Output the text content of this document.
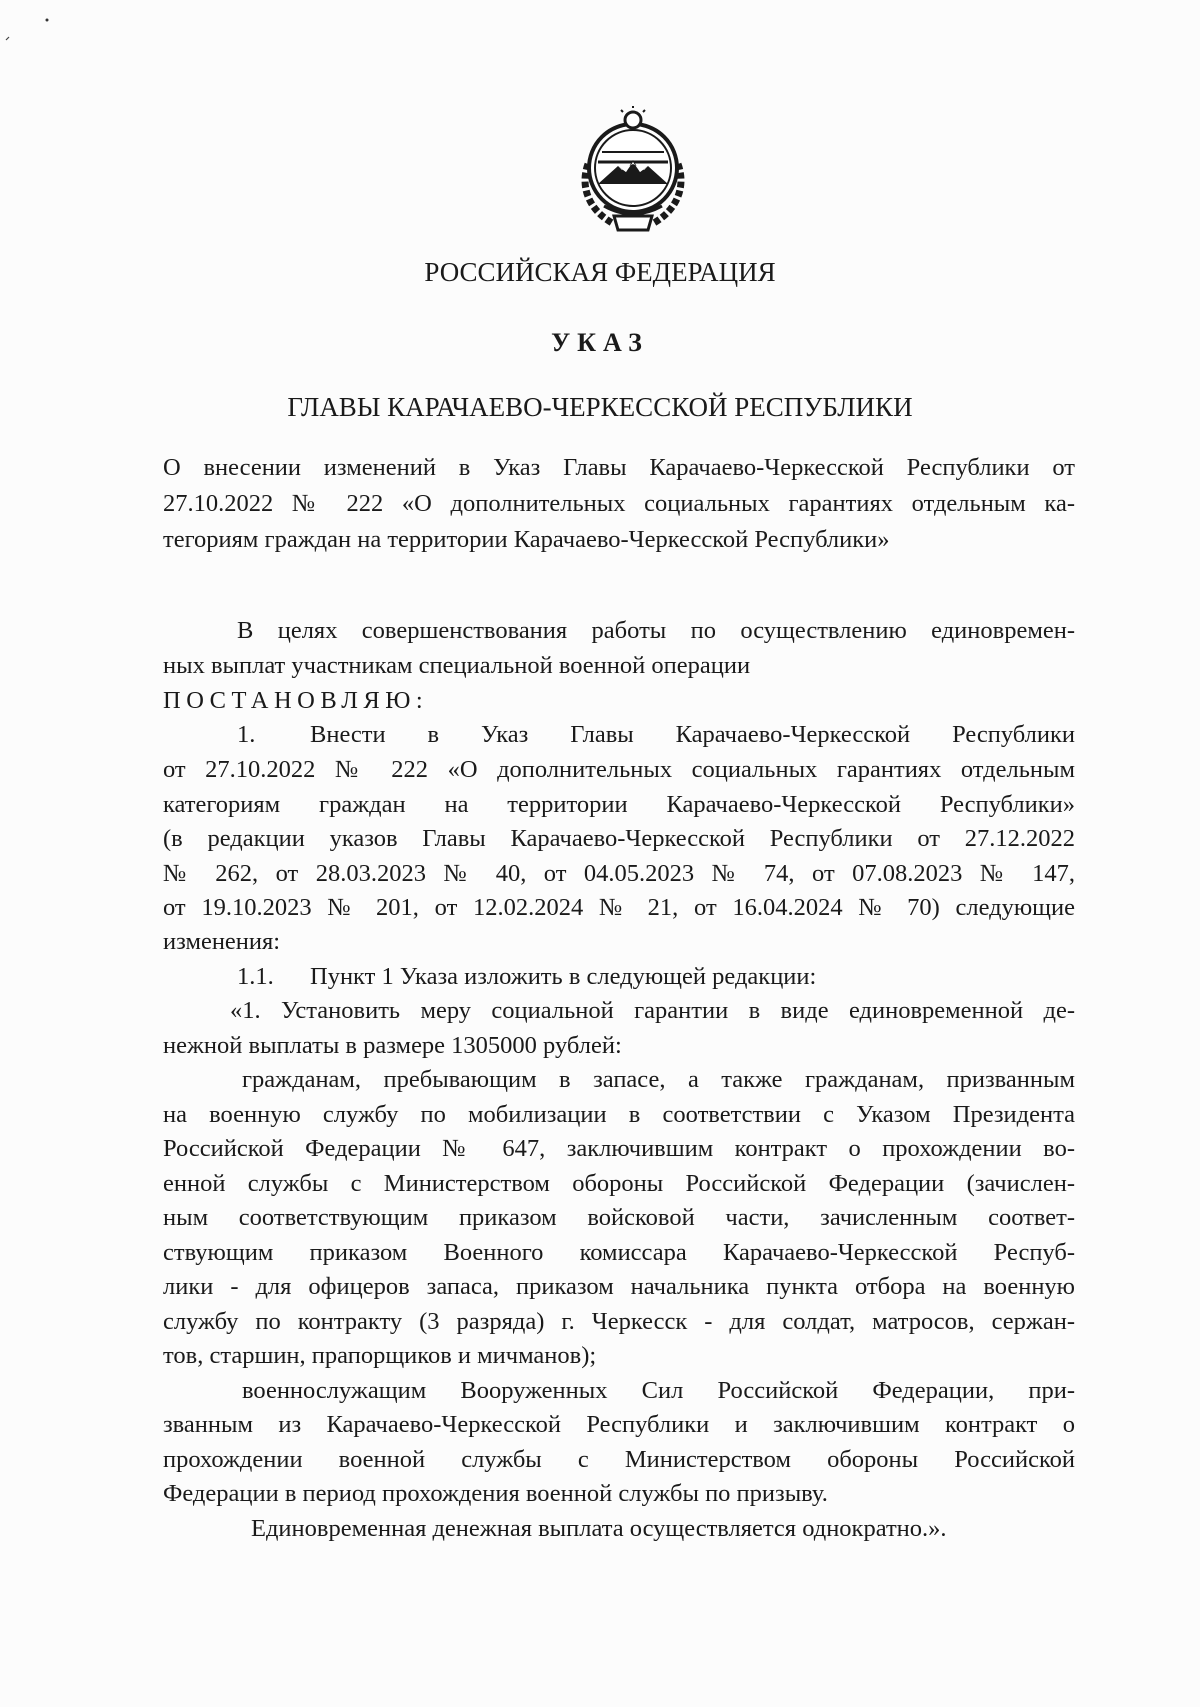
РОССИЙСКАЯ ФЕДЕРАЦИЯ
УКАЗ
ГЛАВЫ КАРАЧАЕВО-ЧЕРКЕССКОЙ РЕСПУБЛИКИ
О внесении изменений в Указ Главы Карачаево-Черкесской Республики от
27.10.2022 № 222 «О дополнительных социальных гарантиях отдельным ка-
тегориям граждан на территории Карачаево-Черкесской Республики»
В целях совершенствования работы по осуществлению единовремен-
ных выплат участникам специальной военной операции
ПОСТАНОВЛЯЮ:
1.	Внести в Указ Главы Карачаево-Черкесской Республики
от 27.10.2022 № 222 «О дополнительных социальных гарантиях отдельным
категориям граждан на территории Карачаево-Черкесской Республики»
(в редакции указов Главы Карачаево-Черкесской Республики от 27.12.2022
№ 262, от 28.03.2023 № 40, от 04.05.2023 № 74, от 07.08.2023 № 147,
от 19.10.2023 № 201, от 12.02.2024 № 21, от 16.04.2024 № 70) следующие
изменения:
1.1.	Пункт 1 Указа изложить в следующей редакции:
«1. Установить меру социальной гарантии в виде единовременной де-
нежной выплаты в размере 1305000 рублей:
гражданам, пребывающим в запасе, а также гражданам, призванным
на военную службу по мобилизации в соответствии с Указом Президента
Российской Федерации № 647, заключившим контракт о прохождении во-
енной службы с Министерством обороны Российской Федерации (зачислен-
ным соответствующим приказом войсковой части, зачисленным соответ-
ствующим приказом Военного комиссара Карачаево-Черкесской Респуб-
лики - для офицеров запаса, приказом начальника пункта отбора на военную
службу по контракту (3 разряда) г. Черкесск - для солдат, матросов, сержан-
тов, старшин, прапорщиков и мичманов);
военнослужащим Вооруженных Сил Российской Федерации, при-
званным из Карачаево-Черкесской Республики и заключившим контракт о
прохождении военной службы с Министерством обороны Российской
Федерации в период прохождения военной службы по призыву.
Единовременная денежная выплата осуществляется однократно.».
